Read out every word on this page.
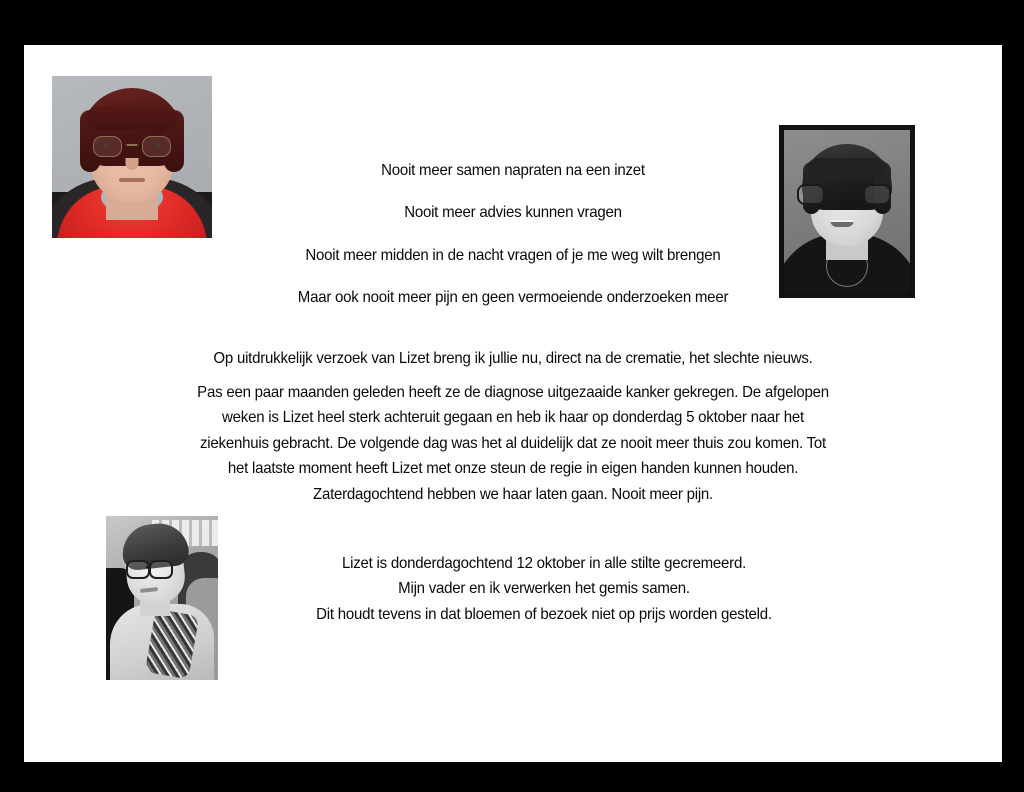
Nooit meer samen napraten na een inzet
Nooit meer advies kunnen vragen
Nooit meer midden in de nacht vragen of je me weg wilt brengen
Maar ook nooit meer pijn en geen vermoeiende onderzoeken meer
Op uitdrukkelijk verzoek van Lizet breng ik jullie nu, direct na de crematie, het slechte nieuws.
Pas een paar maanden geleden heeft ze de diagnose uitgezaaide kanker gekregen. De afgelopen
weken is Lizet heel sterk achteruit gegaan en heb ik haar op donderdag 5 oktober naar het
ziekenhuis gebracht. De volgende dag was het al duidelijk dat ze nooit meer thuis zou komen. Tot
het laatste moment heeft Lizet met onze steun de regie in eigen handen kunnen houden.
Zaterdagochtend hebben we haar laten gaan. Nooit meer pijn.
Lizet is donderdagochtend 12 oktober in alle stilte gecremeerd.
Mijn vader en ik verwerken het gemis samen.
Dit houdt tevens in dat bloemen of bezoek niet op prijs worden gesteld.
